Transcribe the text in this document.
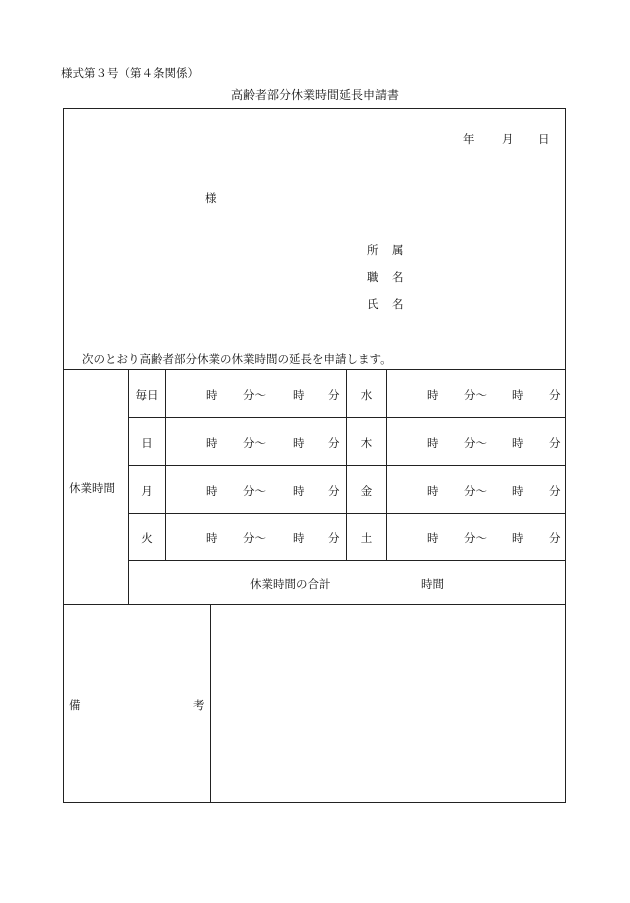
様式第３号（第４条関係）
高齢者部分休業時間延長申請書
年 月 日
様
所 属
職 名
氏 名
次のとおり高齢者部分休業の休業時間の延長を申請します。
休業時間
毎日	時 分～ 時 分	水	時 分～ 時 分
日	時 分～ 時 分	木	時 分～ 時 分
月	時 分～ 時 分	金	時 分～ 時 分
火	時 分～ 時 分	土	時 分～ 時 分
休業時間の合計	時間
備	考
